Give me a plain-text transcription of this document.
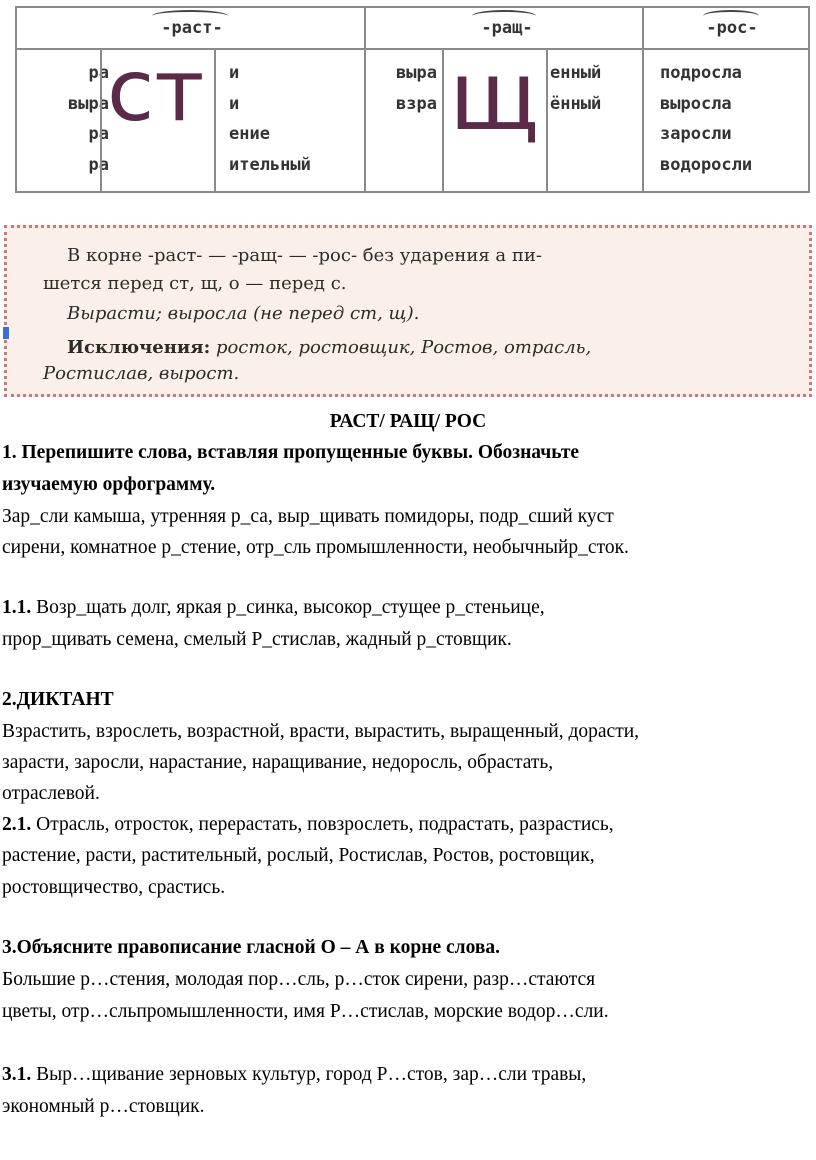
-раст-	-ращ-	-рос-
ра
выра
ра
ра
ст и
и
ение
ительный
выра
взра щ енный
ённый
подросла
выросла
заросли
водоросли

В корне -раст- — -ращ- — -рос- без ударения а пи-

шется перед ст, щ, о — перед с.

Вырасти; выросла (не перед ст, щ).

Исключения: росток, ростовщик, Ростов, отрасль,

Ростислав, вырост.

РАСТ/ РАЩ/ РОС
1. Перепишите слова, вставляя пропущенные буквы. Обозначьте
изучаемую орфограмму.
Зар_сли камыша, утренняя р_са, выр_щивать помидоры, подр_сший куст
сирени, комнатное р_стение, отр_сль промышленности, необычныйр_сток.
1.1. Возр_щать долг, яркая р_синка, высокор_стущее р_стеньице,
прор_щивать семена, смелый Р_стислав, жадный р_стовщик.
2.ДИКТАНТ
Взрастить, взрослеть, возрастной, врасти, вырастить, выращенный, дорасти,
зарасти, заросли, нарастание, наращивание, недоросль, обрастать,
отраслевой.
2.1. Отрасль, отросток, перерастать, повзрослеть, подрастать, разрастись,
растение, расти, растительный, рослый, Ростислав, Ростов, ростовщик,
ростовщичество, срастись.
3.Объясните правописание гласной О – А в корне слова.
Большие р…стения, молодая пор…сль, р…сток сирени, разр…стаются
цветы, отр…сльпромышленности, имя Р…стислав, морские водор…сли.
3.1. Выр…щивание зерновых культур, город Р…стов, зар…сли травы,
экономный р…стовщик.
